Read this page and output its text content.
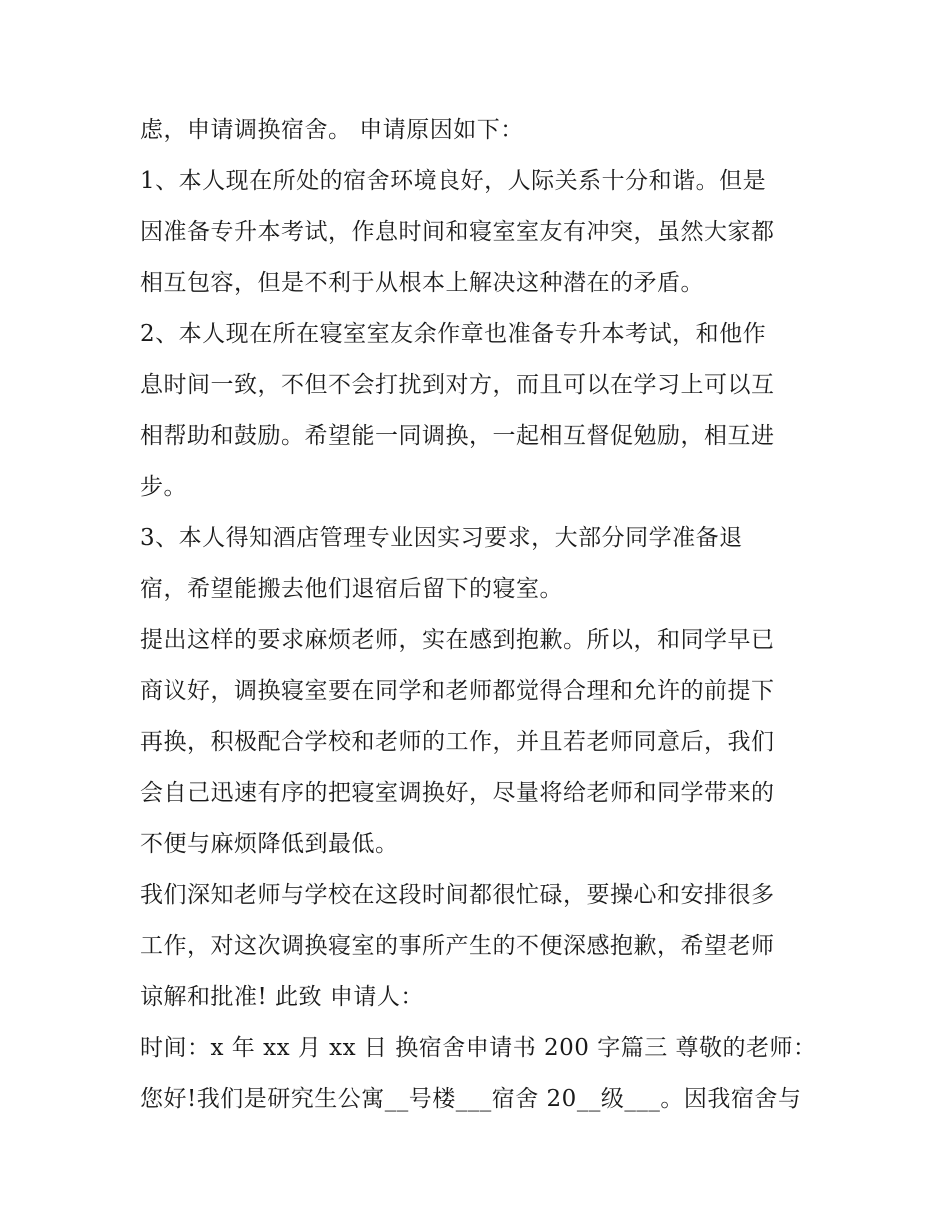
虑，申请调换宿舍。 申请原因如下：
1、本人现在所处的宿舍环境良好，人际关系十分和谐。但是
因准备专升本考试，作息时间和寝室室友有冲突，虽然大家都
相互包容，但是不利于从根本上解决这种潜在的矛盾。
2、本人现在所在寝室室友余作章也准备专升本考试，和他作
息时间一致，不但不会打扰到对方，而且可以在学习上可以互
相帮助和鼓励。希望能一同调换，一起相互督促勉励，相互进
步。
3、本人得知酒店管理专业因实习要求，大部分同学准备退
宿，希望能搬去他们退宿后留下的寝室。
提出这样的要求麻烦老师，实在感到抱歉。所以，和同学早已
商议好，调换寝室要在同学和老师都觉得合理和允许的前提下
再换，积极配合学校和老师的工作，并且若老师同意后，我们
会自己迅速有序的把寝室调换好，尽量将给老师和同学带来的
不便与麻烦降低到最低。
我们深知老师与学校在这段时间都很忙碌，要操心和安排很多
工作，对这次调换寝室的事所产生的不便深感抱歉，希望老师
谅解和批准! 此致 申请人：
时间：x 年 xx 月 xx 日 换宿舍申请书 200 字篇三 尊敬的老师：
您好!我们是研究生公寓__号楼___宿舍 20__级___。因我宿舍与
